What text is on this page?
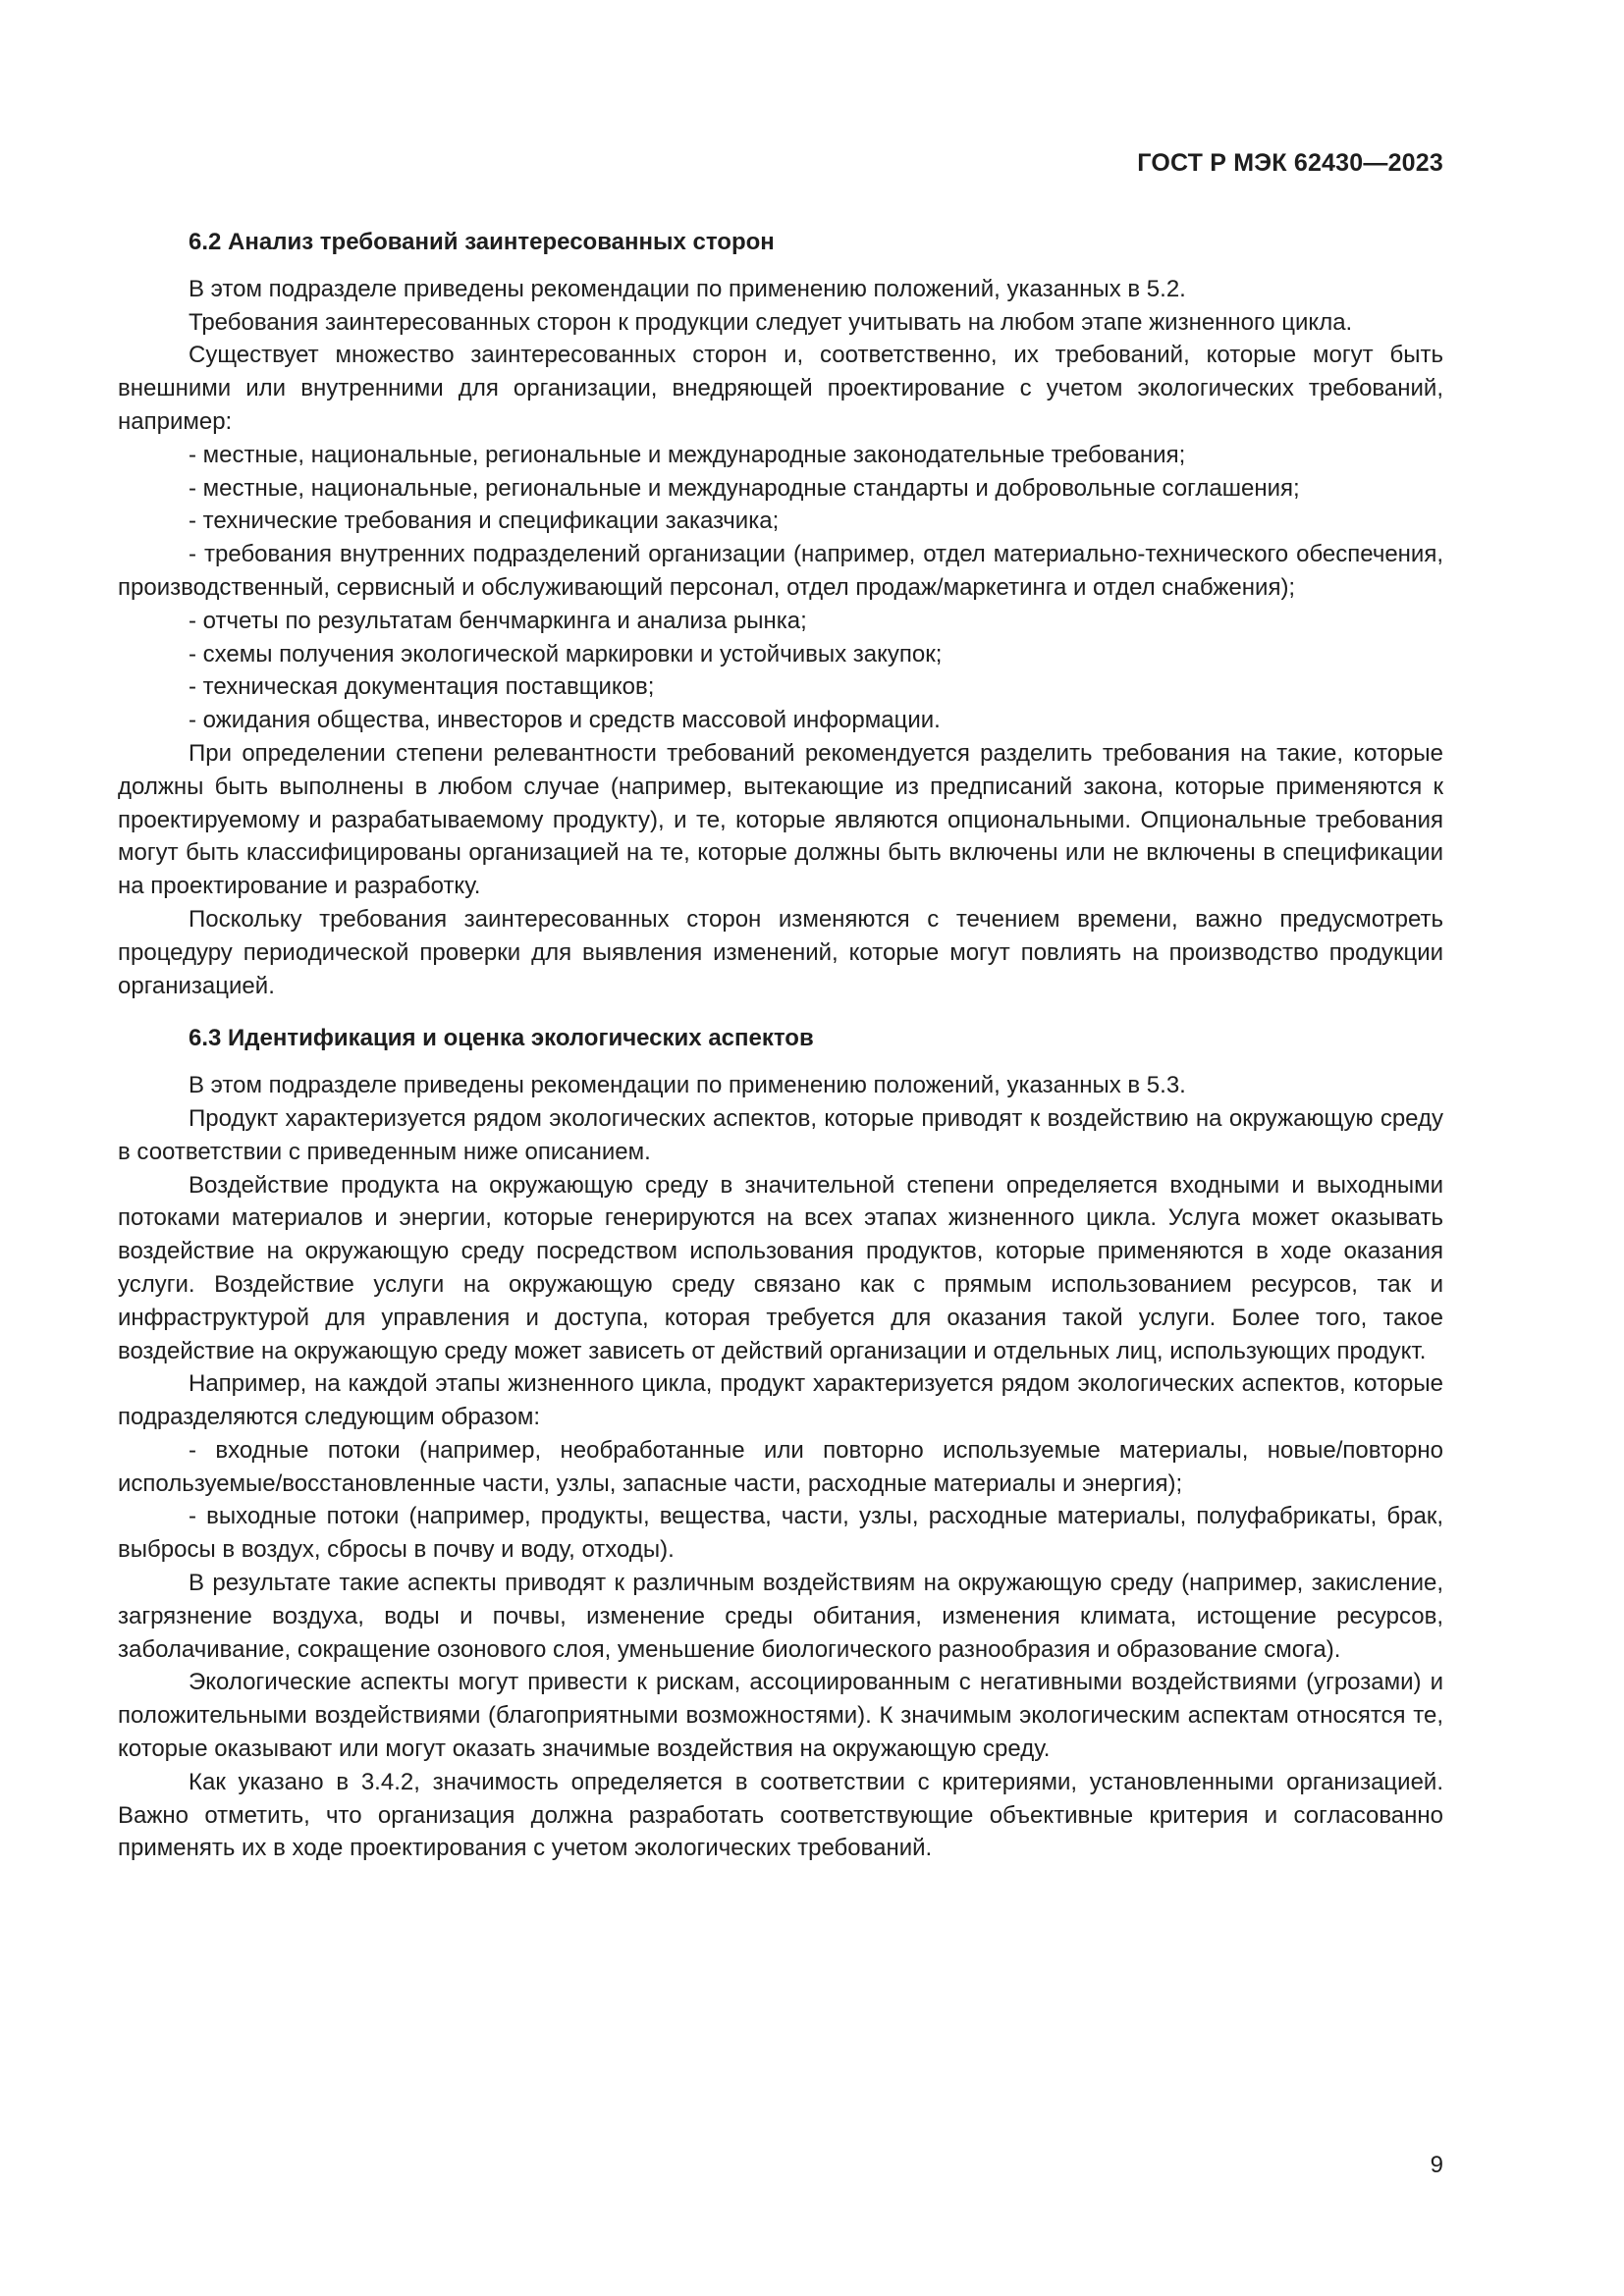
ГОСТ Р МЭК 62430—2023
6.2 Анализ требований заинтересованных сторон

В этом подразделе приведены рекомендации по применению положений, указанных в 5.2.

Требования заинтересованных сторон к продукции следует учитывать на любом этапе жизненного цикла.

Существует множество заинтересованных сторон и, соответственно, их требований, которые могут быть внешними или внутренними для организации, внедряющей проектирование с учетом экологических требований, например:

- местные, национальные, региональные и международные законодательные требования;

- местные, национальные, региональные и международные стандарты и добровольные соглашения;

- технические требования и спецификации заказчика;

- требования внутренних подразделений организации (например, отдел материально-технического обеспечения, производственный, сервисный и обслуживающий персонал, отдел продаж/маркетинга и отдел снабжения);

- отчеты по результатам бенчмаркинга и анализа рынка;

- схемы получения экологической маркировки и устойчивых закупок;

- техническая документация поставщиков;

- ожидания общества, инвесторов и средств массовой информации.

При определении степени релевантности требований рекомендуется разделить требования на такие, которые должны быть выполнены в любом случае (например, вытекающие из предписаний закона, которые применяются к проектируемому и разрабатываемому продукту), и те, которые являются опциональными. Опциональные требования могут быть классифицированы организацией на те, которые должны быть включены или не включены в спецификации на проектирование и разработку.

Поскольку требования заинтересованных сторон изменяются с течением времени, важно предусмотреть процедуру периодической проверки для выявления изменений, которые могут повлиять на производство продукции организацией.

6.3 Идентификация и оценка экологических аспектов

В этом подразделе приведены рекомендации по применению положений, указанных в 5.3.

Продукт характеризуется рядом экологических аспектов, которые приводят к воздействию на окружающую среду в соответствии с приведенным ниже описанием.

Воздействие продукта на окружающую среду в значительной степени определяется входными и выходными потоками материалов и энергии, которые генерируются на всех этапах жизненного цикла. Услуга может оказывать воздействие на окружающую среду посредством использования продуктов, которые применяются в ходе оказания услуги. Воздействие услуги на окружающую среду связано как с прямым использованием ресурсов, так и инфраструктурой для управления и доступа, которая требуется для оказания такой услуги. Более того, такое воздействие на окружающую среду может зависеть от действий организации и отдельных лиц, использующих продукт.

Например, на каждой этапы жизненного цикла, продукт характеризуется рядом экологических аспектов, которые подразделяются следующим образом:

- входные потоки (например, необработанные или повторно используемые материалы, новые/повторно используемые/восстановленные части, узлы, запасные части, расходные материалы и энергия);

- выходные потоки (например, продукты, вещества, части, узлы, расходные материалы, полуфабрикаты, брак, выбросы в воздух, сбросы в почву и воду, отходы).

В результате такие аспекты приводят к различным воздействиям на окружающую среду (например, закисление, загрязнение воздуха, воды и почвы, изменение среды обитания, изменения климата, истощение ресурсов, заболачивание, сокращение озонового слоя, уменьшение биологического разнообразия и образование смога).

Экологические аспекты могут привести к рискам, ассоциированным с негативными воздействиями (угрозами) и положительными воздействиями (благоприятными возможностями). К значимым экологическим аспектам относятся те, которые оказывают или могут оказать значимые воздействия на окружающую среду.

Как указано в 3.4.2, значимость определяется в соответствии с критериями, установленными организацией. Важно отметить, что организация должна разработать соответствующие объективные критерия и согласованно применять их в ходе проектирования с учетом экологических требований.

9
